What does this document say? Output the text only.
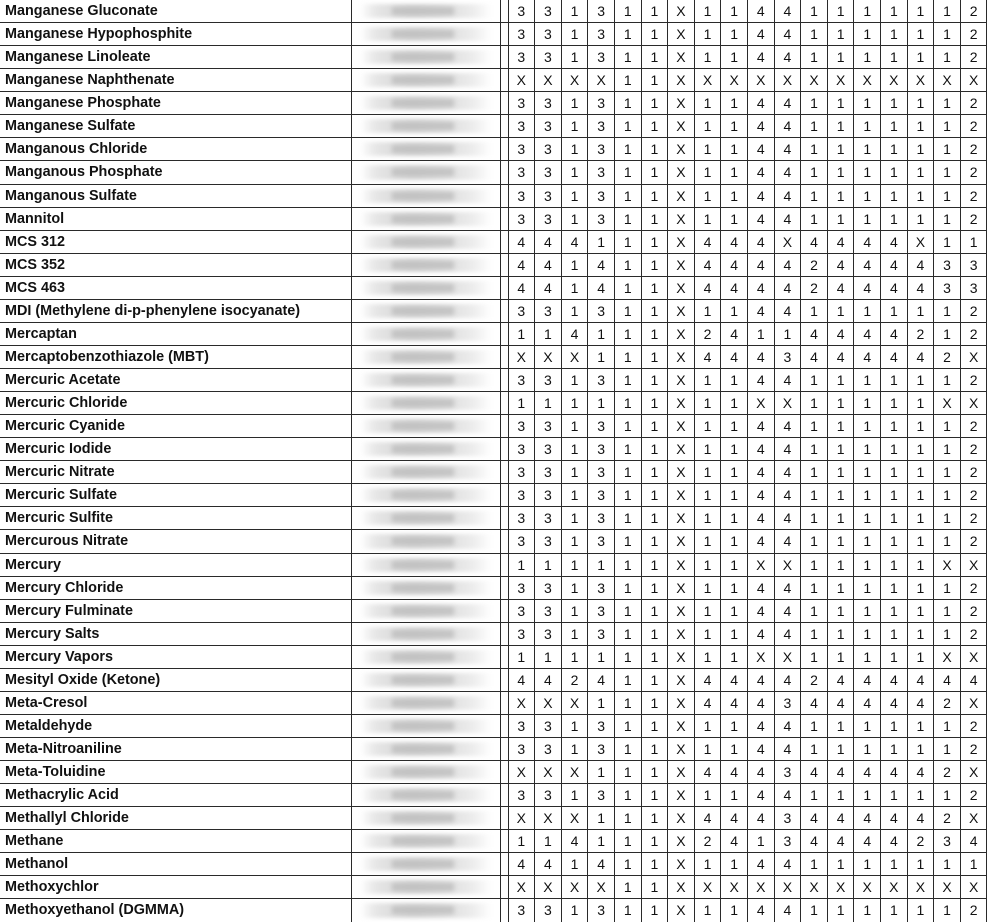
Manganese Gluconate			3	3	1	3	1	1	X	1	1	4	4	1	1	1	1	1	1	2
Manganese Hypophosphite			3	3	1	3	1	1	X	1	1	4	4	1	1	1	1	1	1	2
Manganese Linoleate			3	3	1	3	1	1	X	1	1	4	4	1	1	1	1	1	1	2
Manganese Naphthenate			X	X	X	X	1	1	X	X	X	X	X	X	X	X	X	X	X	X
Manganese Phosphate			3	3	1	3	1	1	X	1	1	4	4	1	1	1	1	1	1	2
Manganese Sulfate			3	3	1	3	1	1	X	1	1	4	4	1	1	1	1	1	1	2
Manganous Chloride			3	3	1	3	1	1	X	1	1	4	4	1	1	1	1	1	1	2
Manganous Phosphate			3	3	1	3	1	1	X	1	1	4	4	1	1	1	1	1	1	2
Manganous Sulfate			3	3	1	3	1	1	X	1	1	4	4	1	1	1	1	1	1	2
Mannitol			3	3	1	3	1	1	X	1	1	4	4	1	1	1	1	1	1	2
MCS 312			4	4	4	1	1	1	X	4	4	4	X	4	4	4	4	X	1	1
MCS 352			4	4	1	4	1	1	X	4	4	4	4	2	4	4	4	4	3	3
MCS 463			4	4	1	4	1	1	X	4	4	4	4	2	4	4	4	4	3	3
MDI (Methylene di-p-phenylene isocyanate)			3	3	1	3	1	1	X	1	1	4	4	1	1	1	1	1	1	2
Mercaptan			1	1	4	1	1	1	X	2	4	1	1	4	4	4	4	2	1	2
Mercaptobenzothiazole (MBT)			X	X	X	1	1	1	X	4	4	4	3	4	4	4	4	4	2	X
Mercuric Acetate			3	3	1	3	1	1	X	1	1	4	4	1	1	1	1	1	1	2
Mercuric Chloride			1	1	1	1	1	1	X	1	1	X	X	1	1	1	1	1	X	X
Mercuric Cyanide			3	3	1	3	1	1	X	1	1	4	4	1	1	1	1	1	1	2
Mercuric Iodide			3	3	1	3	1	1	X	1	1	4	4	1	1	1	1	1	1	2
Mercuric Nitrate			3	3	1	3	1	1	X	1	1	4	4	1	1	1	1	1	1	2
Mercuric Sulfate			3	3	1	3	1	1	X	1	1	4	4	1	1	1	1	1	1	2
Mercuric Sulfite			3	3	1	3	1	1	X	1	1	4	4	1	1	1	1	1	1	2
Mercurous Nitrate			3	3	1	3	1	1	X	1	1	4	4	1	1	1	1	1	1	2
Mercury			1	1	1	1	1	1	X	1	1	X	X	1	1	1	1	1	X	X
Mercury Chloride			3	3	1	3	1	1	X	1	1	4	4	1	1	1	1	1	1	2
Mercury Fulminate			3	3	1	3	1	1	X	1	1	4	4	1	1	1	1	1	1	2
Mercury Salts			3	3	1	3	1	1	X	1	1	4	4	1	1	1	1	1	1	2
Mercury Vapors			1	1	1	1	1	1	X	1	1	X	X	1	1	1	1	1	X	X
Mesityl Oxide (Ketone)			4	4	2	4	1	1	X	4	4	4	4	2	4	4	4	4	4	4
Meta-Cresol			X	X	X	1	1	1	X	4	4	4	3	4	4	4	4	4	2	X
Metaldehyde			3	3	1	3	1	1	X	1	1	4	4	1	1	1	1	1	1	2
Meta-Nitroaniline			3	3	1	3	1	1	X	1	1	4	4	1	1	1	1	1	1	2
Meta-Toluidine			X	X	X	1	1	1	X	4	4	4	3	4	4	4	4	4	2	X
Methacrylic Acid			3	3	1	3	1	1	X	1	1	4	4	1	1	1	1	1	1	2
Methallyl Chloride			X	X	X	1	1	1	X	4	4	4	3	4	4	4	4	4	2	X
Methane			1	1	4	1	1	1	X	2	4	1	3	4	4	4	4	2	3	4
Methanol			4	4	1	4	1	1	X	1	1	4	4	1	1	1	1	1	1	1
Methoxychlor			X	X	X	X	1	1	X	X	X	X	X	X	X	X	X	X	X	X
Methoxyethanol (DGMMA)			3	3	1	3	1	1	X	1	1	4	4	1	1	1	1	1	1	2
